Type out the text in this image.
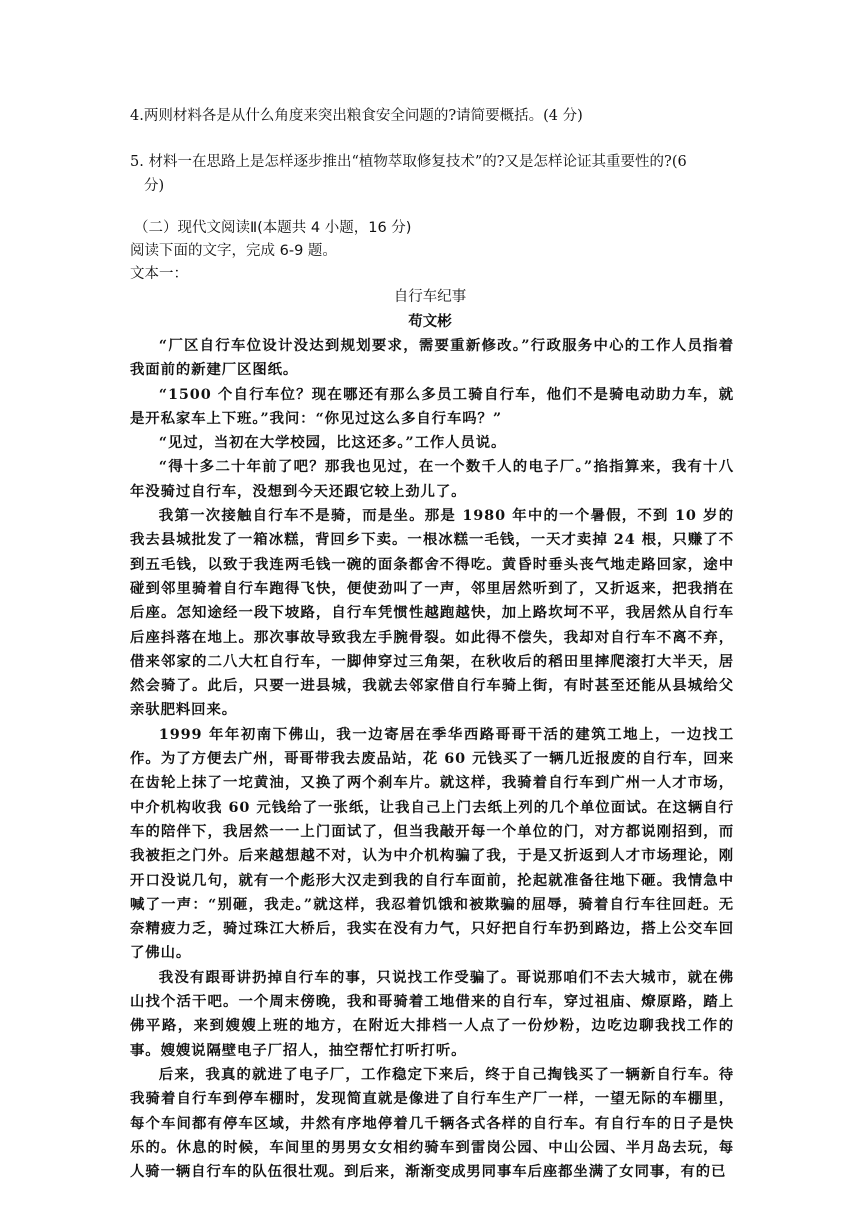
4.两则材料各是从什么角度来突出粮食安全问题的?请简要概括。(4 分)
5. 材料一在思路上是怎样逐步推出“植物萃取修复技术”的?又是怎样论证其重要性的?(6
分)
（二）现代文阅读Ⅱ(本题共 4 小题，16 分)
阅读下面的文字，完成 6-9 题。
文本一：
自行车纪事
苟文彬

“厂区自行车位设计没达到规划要求，需要重新修改。”行政服务中心的工作人员指着我面前的新建厂区图纸。

“1500 个自行车位？现在哪还有那么多员工骑自行车，他们不是骑电动助力车，就是开私家车上下班。”我问：“你见过这么多自行车吗？”

“见过，当初在大学校园，比这还多。”工作人员说。

“得十多二十年前了吧？那我也见过，在一个数千人的电子厂。”掐指算来，我有十八年没骑过自行车，没想到今天还跟它较上劲儿了。

我第一次接触自行车不是骑，而是坐。那是 1980 年中的一个暑假，不到 10 岁的我去县城批发了一箱冰糕，背回乡下卖。一根冰糕一毛钱，一天才卖掉 24 根，只赚了不到五毛钱，以致于我连两毛钱一碗的面条都舍不得吃。黄昏时垂头丧气地走路回家，途中碰到邻里骑着自行车跑得飞快，便使劲叫了一声，邻里居然听到了，又折返来，把我捎在后座。怎知途经一段下坡路，自行车凭惯性越跑越快，加上路坎坷不平，我居然从自行车后座抖落在地上。那次事故导致我左手腕骨裂。如此得不偿失，我却对自行车不离不弃，借来邻家的二八大杠自行车，一脚伸穿过三角架，在秋收后的稻田里摔爬滚打大半天，居然会骑了。此后，只要一进县城，我就去邻家借自行车骑上街，有时甚至还能从县城给父亲驮肥料回来。

1999 年年初南下佛山，我一边寄居在季华西路哥哥干活的建筑工地上，一边找工作。为了方便去广州，哥哥带我去废品站，花 60 元钱买了一辆几近报废的自行车，回来在齿轮上抹了一坨黄油，又换了两个刹车片。就这样，我骑着自行车到广州一人才市场，中介机构收我 60 元钱给了一张纸，让我自己上门去纸上列的几个单位面试。在这辆自行车的陪伴下，我居然一一上门面试了，但当我敲开每一个单位的门，对方都说刚招到，而我被拒之门外。后来越想越不对，认为中介机构骗了我，于是又折返到人才市场理论，刚开口没说几句，就有一个彪形大汉走到我的自行车面前，抡起就准备往地下砸。我情急中喊了一声：“别砸，我走。”就这样，我忍着饥饿和被欺骗的屈辱，骑着自行车往回赶。无奈精疲力乏，骑过珠江大桥后，我实在没有力气，只好把自行车扔到路边，搭上公交车回了佛山。

我没有跟哥讲扔掉自行车的事，只说找工作受骗了。哥说那咱们不去大城市，就在佛山找个活干吧。一个周末傍晚，我和哥骑着工地借来的自行车，穿过祖庙、燎原路，踏上佛平路，来到嫂嫂上班的地方，在附近大排档一人点了一份炒粉，边吃边聊我找工作的事。嫂嫂说隔壁电子厂招人，抽空帮忙打听打听。

后来，我真的就进了电子厂，工作稳定下来后，终于自己掏钱买了一辆新自行车。待我骑着自行车到停车棚时，发现简直就是像进了自行车生产厂一样，一望无际的车棚里，每个车间都有停车区域，井然有序地停着几千辆各式各样的自行车。有自行车的日子是快乐的。休息的时候，车间里的男男女女相约骑车到雷岗公园、中山公园、半月岛去玩，每人骑一辆自行车的队伍很壮观。到后来，渐渐变成男同事车后座都坐满了女同事，有的已
